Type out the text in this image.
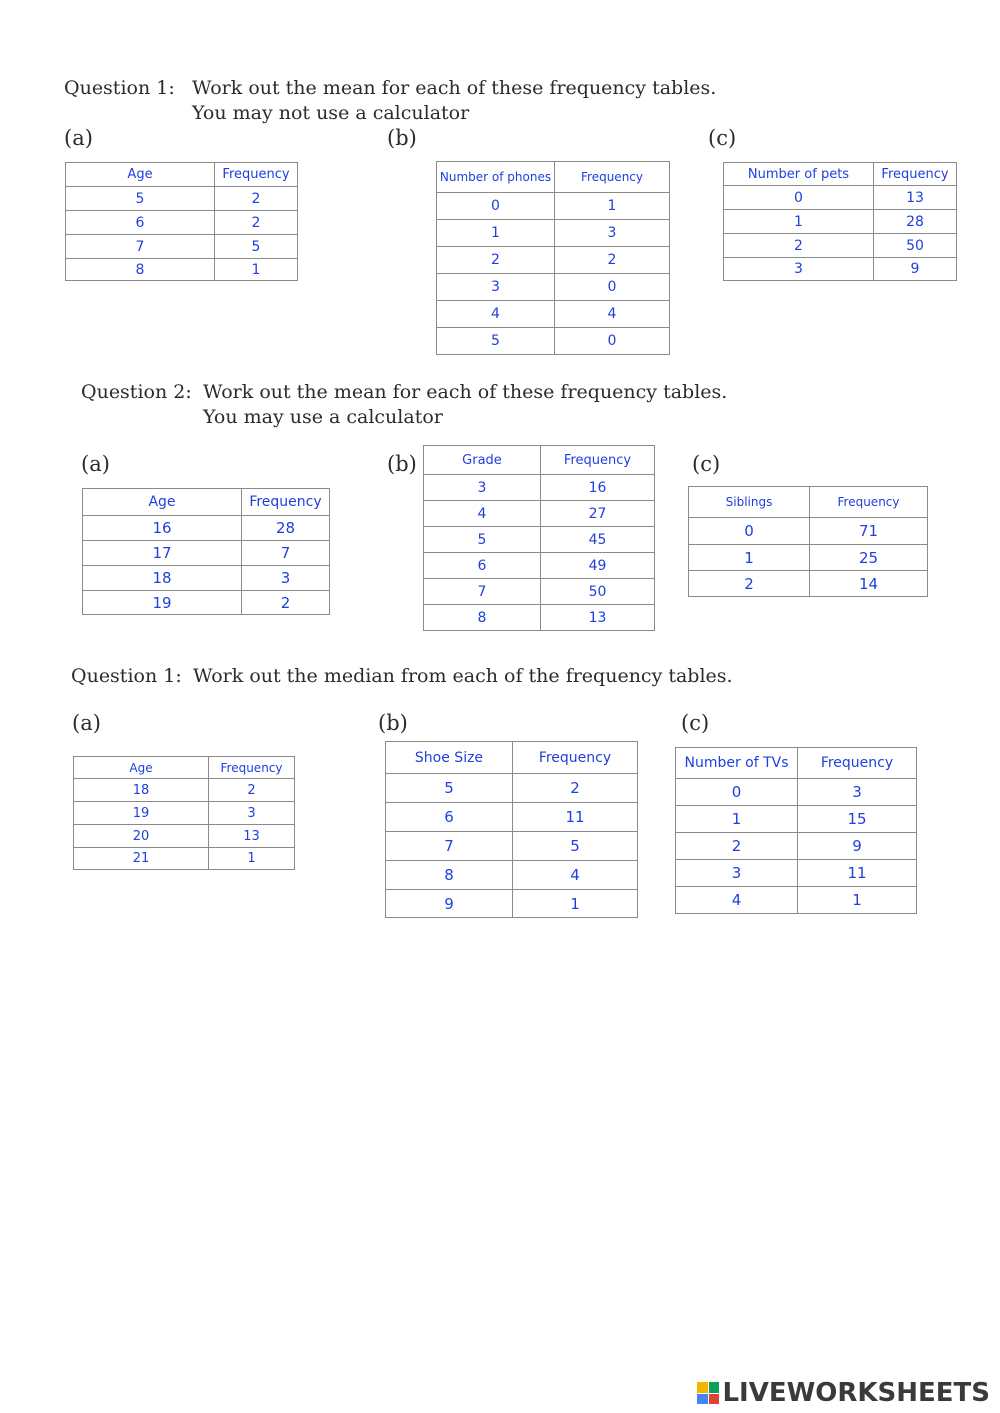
Question 1: Work out the mean for each of these frequency tables.
You may not use a calculator
(a)
Age	Frequency
5	2
6	2
7	5
8	1
(b)
Number of phones	Frequency
0	1
1	3
2	2
3	0
4	4
5	0
(c)
Number of pets	Frequency
0	13
1	28
2	50
3	9
Question 2: Work out the mean for each of these frequency tables.
You may use a calculator
(a)
Age	Frequency
16	28
17	7
18	3
19	2
(b)	Grade	Frequency
3	16
4	27
5	45
6	49
7	50
8	13
(c)
Siblings	Frequency
0	71
1	25
2	14
Question 1: Work out the median from each of the frequency tables.
(a)
Age	Frequency
18	2
19	3
20	13
21	1
(b)
Shoe Size	Frequency
5	2
6	11
7	5
8	4
9	1
(c)
Number of TVs	Frequency
0	3
1	15
2	9
3	11
4	1
LIVEWORKSHEETS
